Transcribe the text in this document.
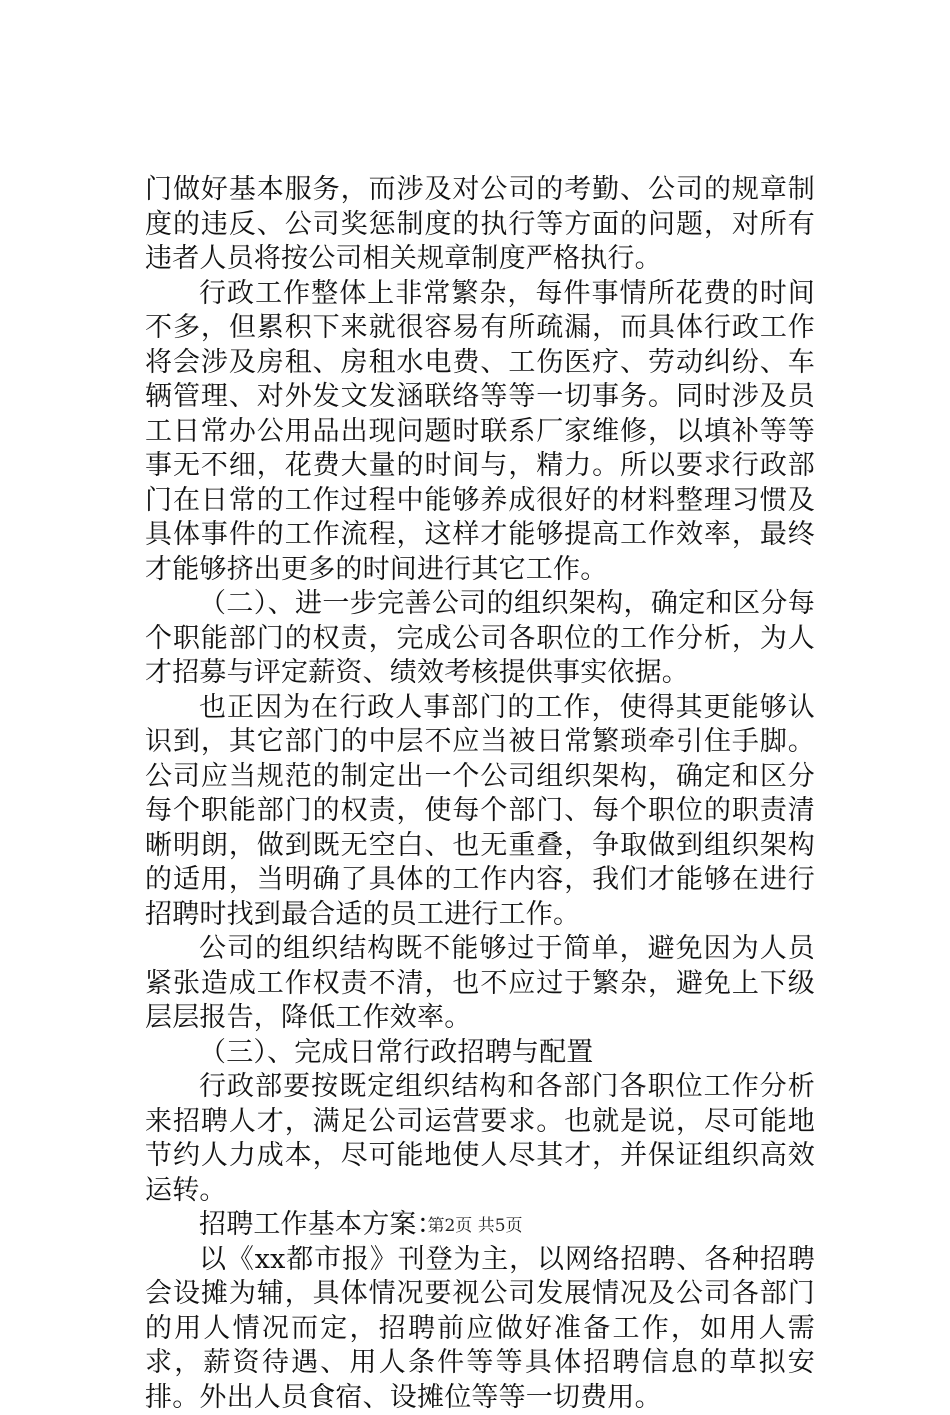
门做好基本服务，而涉及对公司的考勤、公司的规章制度的违反、公司奖惩制度的执行等方面的问题，对所有违者人员将按公司相关规章制度严格执行。

行政工作整体上非常繁杂，每件事情所花费的时间不多，但累积下来就很容易有所疏漏，而具体行政工作将会涉及房租、房租水电费、工伤医疗、劳动纠纷、车辆管理、对外发文发涵联络等等一切事务。同时涉及员工日常办公用品出现问题时联系厂家维修，以填补等等事无不细，花费大量的时间与，精力。所以要求行政部门在日常的工作过程中能够养成很好的材料整理习惯及具体事件的工作流程，这样才能够提高工作效率，最终才能够挤出更多的时间进行其它工作。

（二）、进一步完善公司的组织架构，确定和区分每个职能部门的权责，完成公司各职位的工作分析，为人才招募与评定薪资、绩效考核提供事实依据。

也正因为在行政人事部门的工作，使得其更能够认识到，其它部门的中层不应当被日常繁琐牵引住手脚。公司应当规范的制定出一个公司组织架构，确定和区分每个职能部门的权责，使每个部门、每个职位的职责清晰明朗，做到既无空白、也无重叠，争取做到组织架构的适用，当明确了具体的工作内容，我们才能够在进行招聘时找到最合适的员工进行工作。

公司的组织结构既不能够过于简单，避免因为人员紧张造成工作权责不清，也不应过于繁杂，避免上下级层层报告，降低工作效率。

（三）、完成日常行政招聘与配置

行政部要按既定组织结构和各部门各职位工作分析来招聘人才，满足公司运营要求。也就是说，尽可能地节约人力成本，尽可能地使人尽其才，并保证组织高效运转。

招聘工作基本方案：

以《xx都市报》刊登为主，以网络招聘、各种招聘会设摊为辅，具体情况要视公司发展情况及公司各部门的用人情况而定，招聘前应做好准备工作，如用人需求，薪资待遇、用人条件等等具体招聘信息的草拟安排。外出人员食宿、设摊位等等一切费用。

第2页 共5页
